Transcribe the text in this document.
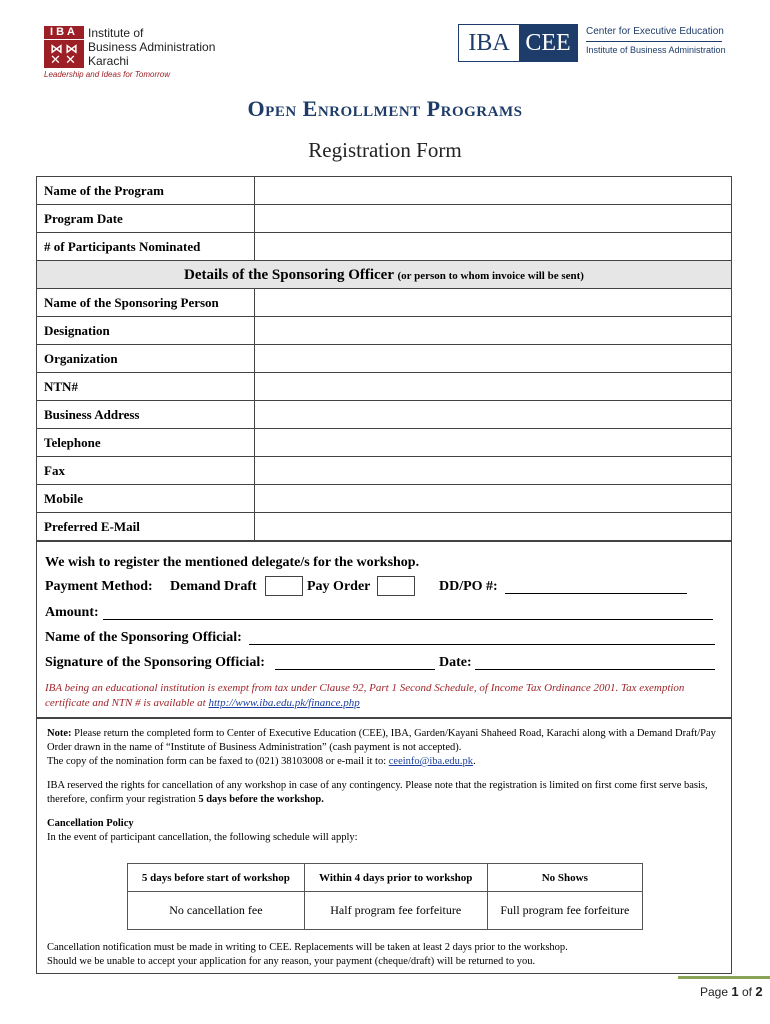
IBA
⋈ ⋈
✕ ✕
Institute of
Business Administration
Karachi
Leadership and Ideas for Tomorrow
IBA CEE	Center for Executive Education
Institute of Business Administration
Open Enrollment Programs
Registration Form
Name of the Program
Program Date
# of Participants Nominated
Details of the Sponsoring Officer (or person to whom invoice will be sent)
Name of the Sponsoring Person
Designation
Organization
NTN#
Business Address
Telephone
Fax
Mobile
Preferred E-Mail
We wish to register the mentioned delegate/s for the workshop.
Payment Method: Demand Draft	Pay Order	DD/PO #:
Amount:
Name of the Sponsoring Official:
Signature of the Sponsoring Official:	Date:
IBA being an educational institution is exempt from tax under Clause 92, Part 1 Second Schedule, of Income Tax Ordinance 2001. Tax exemption certificate and NTN # is available at http://www.iba.edu.pk/finance.php

Note: Please return the completed form to Center of Executive Education (CEE), IBA, Garden/Kayani Shaheed Road, Karachi along with a Demand Draft/Pay Order drawn in the name of “Institute of Business Administration” (cash payment is not accepted).

The copy of the nomination form can be faxed to (021) 38103008 or e-mail it to: ceeinfo@iba.edu.pk.

IBA reserved the rights for cancellation of any workshop in case of any contingency. Please note that the registration is limited on first come first serve basis, therefore, confirm your registration 5 days before the workshop.

Cancellation Policy

In the event of participant cancellation, the following schedule will apply:

5 days before start of workshop	Within 4 days prior to workshop	No Shows
No cancellation fee	Half program fee forfeiture	Full program fee forfeiture

Cancellation notification must be made in writing to CEE. Replacements will be taken at least 2 days prior to the workshop.

Should we be unable to accept your application for any reason, your payment (cheque/draft) will be returned to you.

Page 1 of 2
